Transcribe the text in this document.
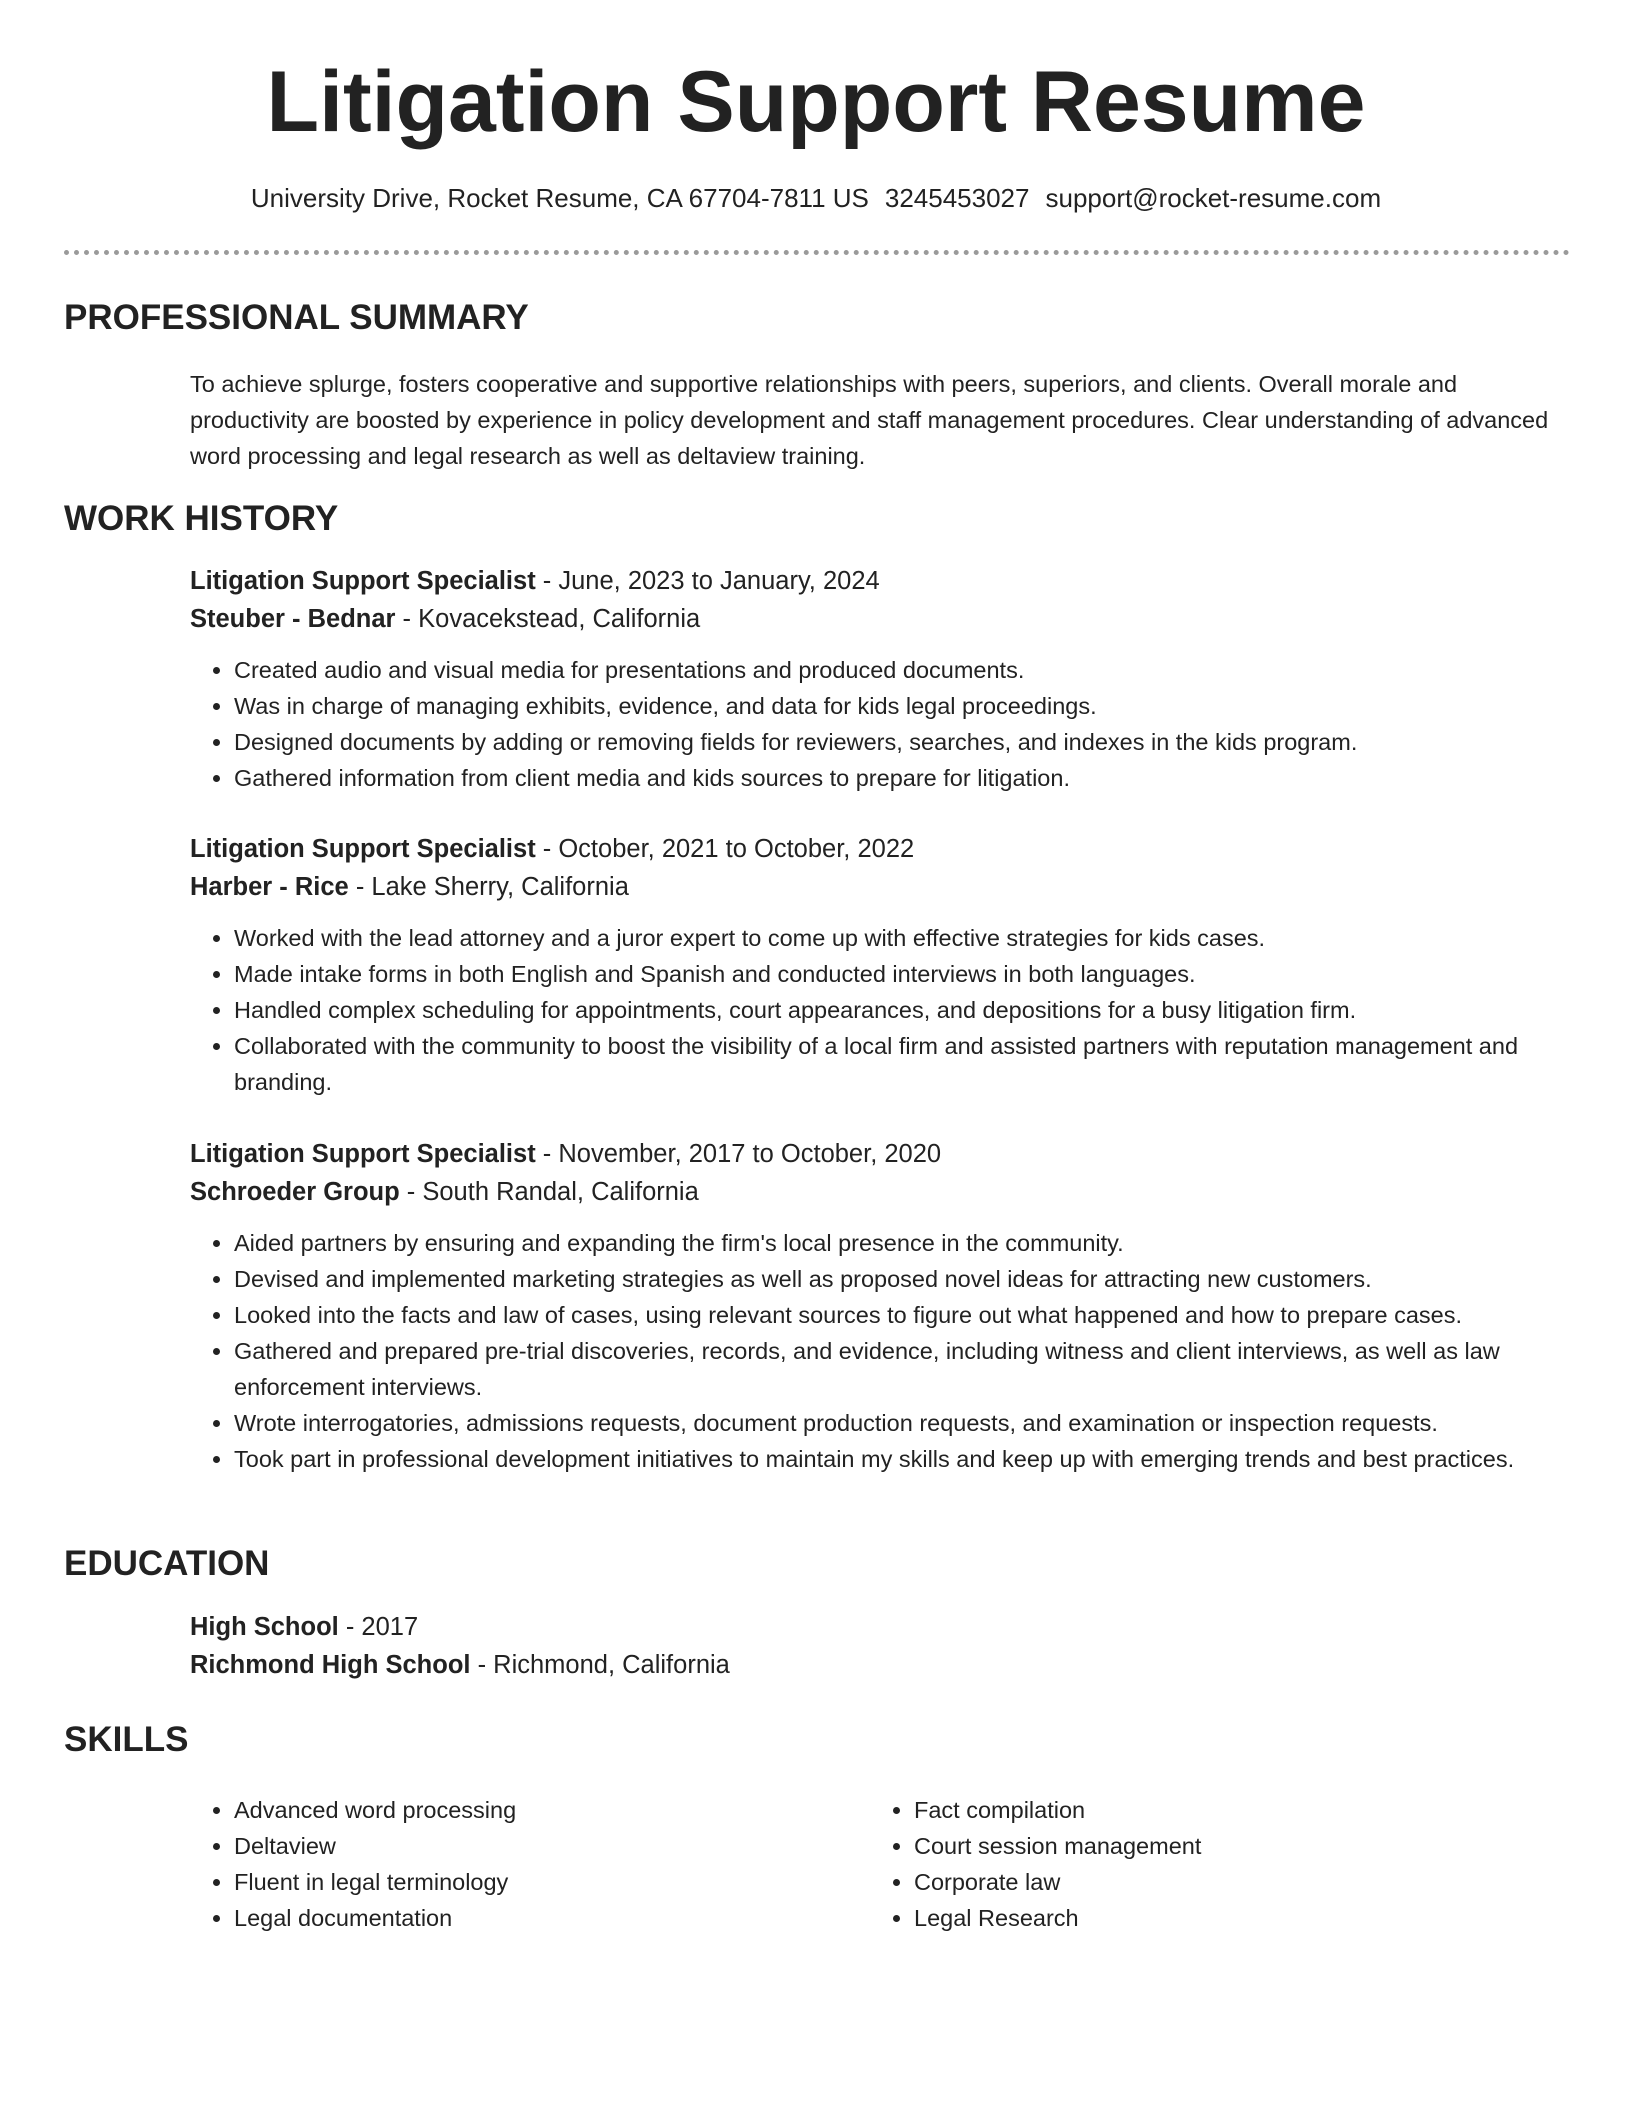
Litigation Support Resume
University Drive, Rocket Resume, CA 67704-7811 US 3245453027 support@rocket-resume.com
PROFESSIONAL SUMMARY

To achieve splurge, fosters cooperative and supportive relationships with peers, superiors, and clients. Overall morale and productivity are boosted by experience in policy development and staff management procedures. Clear understanding of advanced word processing and legal research as well as deltaview training.

WORK HISTORY

Litigation Support Specialist - June, 2023 to January, 2024

Steuber - Bednar - Kovacekstead, California

• Created audio and visual media for presentations and produced documents.
• Was in charge of managing exhibits, evidence, and data for kids legal proceedings.
• Designed documents by adding or removing fields for reviewers, searches, and indexes in the kids program.
• Gathered information from client media and kids sources to prepare for litigation.

Litigation Support Specialist - October, 2021 to October, 2022

Harber - Rice - Lake Sherry, California

• Worked with the lead attorney and a juror expert to come up with effective strategies for kids cases.
• Made intake forms in both English and Spanish and conducted interviews in both languages.
• Handled complex scheduling for appointments, court appearances, and depositions for a busy litigation firm.
• Collaborated with the community to boost the visibility of a local firm and assisted partners with reputation management and branding.

Litigation Support Specialist - November, 2017 to October, 2020

Schroeder Group - South Randal, California

• Aided partners by ensuring and expanding the firm's local presence in the community.
• Devised and implemented marketing strategies as well as proposed novel ideas for attracting new customers.
• Looked into the facts and law of cases, using relevant sources to figure out what happened and how to prepare cases.
• Gathered and prepared pre-trial discoveries, records, and evidence, including witness and client interviews, as well as law enforcement interviews.
• Wrote interrogatories, admissions requests, document production requests, and examination or inspection requests.
• Took part in professional development initiatives to maintain my skills and keep up with emerging trends and best practices.
EDUCATION

High School - 2017

Richmond High School - Richmond, California

SKILLS
• Advanced word processing
• Deltaview
• Fluent in legal terminology
• Legal documentation
• Fact compilation
• Court session management
• Corporate law
• Legal Research
